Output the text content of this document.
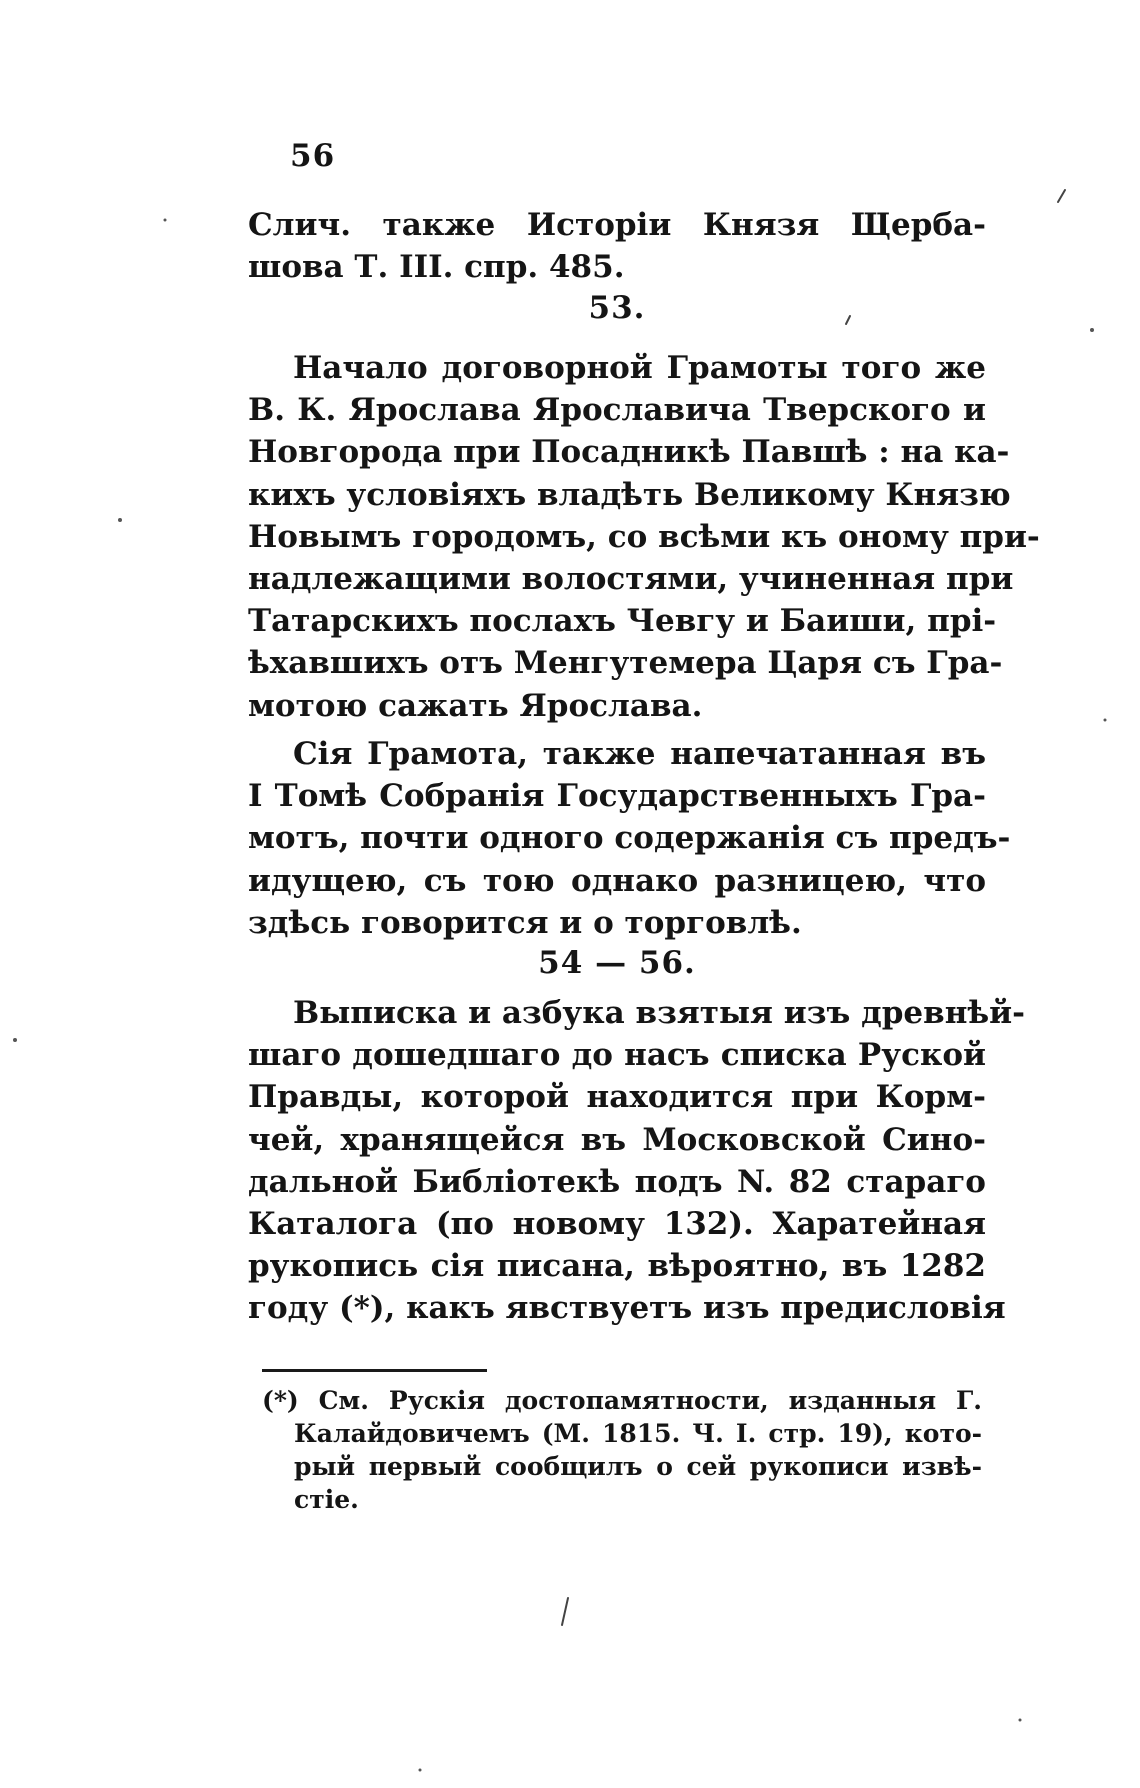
56
Слич. также Исторіи Князя Щерба-
шова Т. III. спр. 485.
53.
Начало договорной Грамоты того же
В. К. Ярослава Ярославича Тверского и
Новгорода при Посадникѣ Павшѣ : на ка-
кихъ условіяхъ владѣть Великому Князю
Новымъ городомъ, со всѣми къ оному при-
надлежащими волостями, учиненная при
Татарскихъ послахъ Чевгу и Баиши, прі-
ѣхавшихъ отъ Менгутемера Царя съ Гра-
мотою сажать Ярослава.
Сія Грамота, также напечатанная въ
I Томѣ Собранія Государственныхъ Гра-
мотъ, почти одного содержанія съ предъ-
идущею, съ тою однако разницею, что
здѣсь говорится и о торговлѣ.
54 — 56.
Выписка и азбука взятыя изъ древнѣй-
шаго дошедшаго до насъ списка Руской
Правды, которой находится при Корм-
чей, хранящейся въ Московской Сино-
дальной Библіотекѣ подъ N. 82 стараго
Каталога (по новому 132). Харатейная
рукопись сія писана, вѣроятно, въ 1282
году (*), какъ явствуетъ изъ предисловія
(*) См. Рускія достопамятности, изданныя Г.
Калайдовичемъ (М. 1815. Ч. I. стр. 19), кото-
рый первый сообщилъ о сей рукописи извѣ-
стіе.
